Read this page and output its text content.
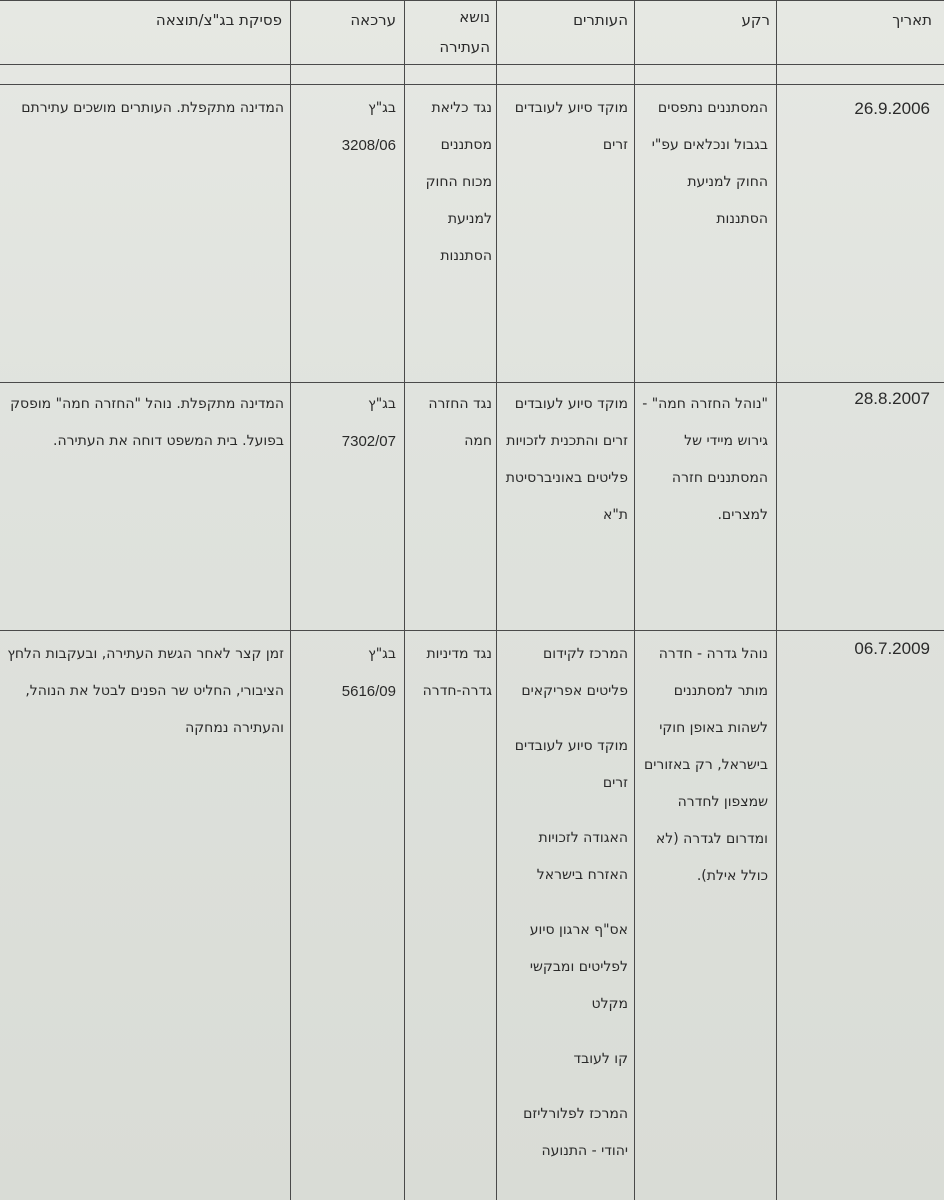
תאריך
רקע
העותרים
נושא העתירה
ערכאה
פסיקת בג"צ/תוצאה
26.9.2006
המסתננים נתפסים בגבול ונכלאים עפ"י החוק למניעת הסתננות
מוקד סיוע לעובדים זרים
נגד כליאת מסתננים מכוח החוק למניעת הסתננות
בג"ץ
3208/06
המדינה מתקפלת. העותרים מושכים עתירתם
28.8.2007
"נוהל החזרה חמה" - גירוש מיידי של המסתננים חזרה למצרים.
מוקד סיוע לעובדים זרים והתכנית לזכויות פליטים באוניברסיטת ת"א
נגד החזרה חמה
בג"ץ
7302/07
המדינה מתקפלת. נוהל "החזרה חמה" מופסק בפועל. בית המשפט דוחה את העתירה.
06.7.2009
נוהל גדרה - חדרה מותר למסתננים לשהות באופן חוקי בישראל, רק באזורים שמצפון לחדרה ומדרום לגדרה (לא כולל אילת).

המרכז לקידום פליטים אפריקאים

מוקד סיוע לעובדים זרים

האגודה לזכויות האזרח בישראל

אס"ף ארגון סיוע לפליטים ומבקשי מקלט

קו לעובד

המרכז לפלורליזם יהודי - התנועה

נגד מדיניות גדרה-חדרה
בג"ץ
5616/09
זמן קצר לאחר הגשת העתירה, ובעקבות הלחץ הציבורי, החליט שר הפנים לבטל את הנוהל, והעתירה נמחקה
